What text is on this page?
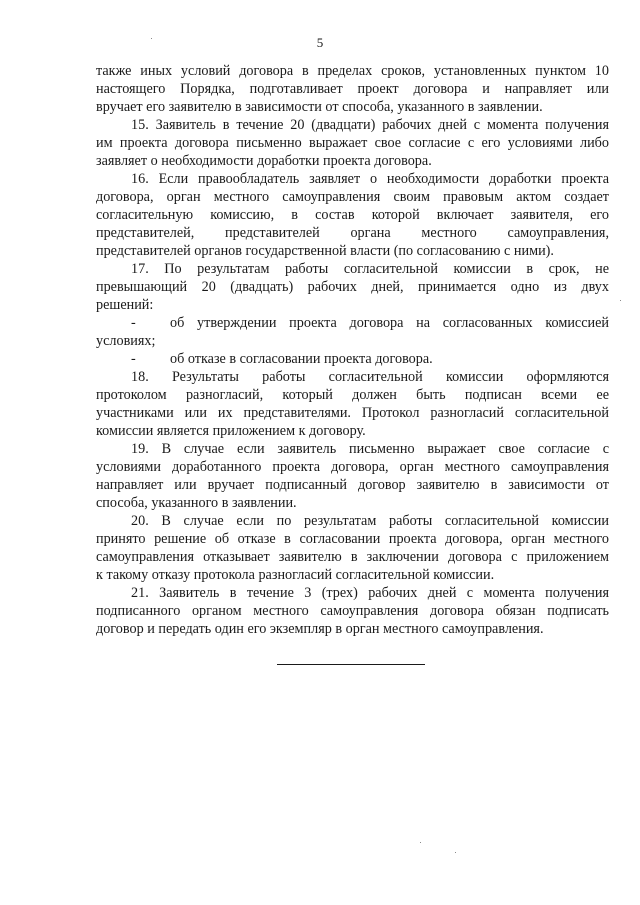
5
также иных условий договора в пределах сроков, установленных пунктом 10
настоящего Порядка, подготавливает проект договора и направляет или
вручает его заявителю в зависимости от способа, указанного в заявлении.
15. Заявитель в течение 20 (двадцати) рабочих дней с момента получения
им проекта договора письменно выражает свое согласие с его условиями либо
заявляет о необходимости доработки проекта договора.
16. Если правообладатель заявляет о необходимости доработки проекта
договора, орган местного самоуправления своим правовым актом создает
согласительную комиссию, в состав которой включает заявителя, его
представителей, представителей органа местного самоуправления,
представителей органов государственной власти (по согласованию с ними).
17. По результатам работы согласительной комиссии в срок, не
превышающий 20 (двадцать) рабочих дней, принимается одно из двух
решений:
-	об утверждении проекта договора на согласованных комиссией
условиях;
-	об отказе в согласовании проекта договора.
18. Результаты работы согласительной комиссии оформляются
протоколом разногласий, который должен быть подписан всеми ее
участниками или их представителями. Протокол разногласий согласительной
комиссии является приложением к договору.
19. В случае если заявитель письменно выражает свое согласие с
условиями доработанного проекта договора, орган местного самоуправления
направляет или вручает подписанный договор заявителю в зависимости от
способа, указанного в заявлении.
20. В случае если по результатам работы согласительной комиссии
принято решение об отказе в согласовании проекта договора, орган местного
самоуправления отказывает заявителю в заключении договора с приложением
к такому отказу протокола разногласий согласительной комиссии.
21. Заявитель в течение 3 (трех) рабочих дней с момента получения
подписанного органом местного самоуправления договора обязан подписать
договор и передать один его экземпляр в орган местного самоуправления.
